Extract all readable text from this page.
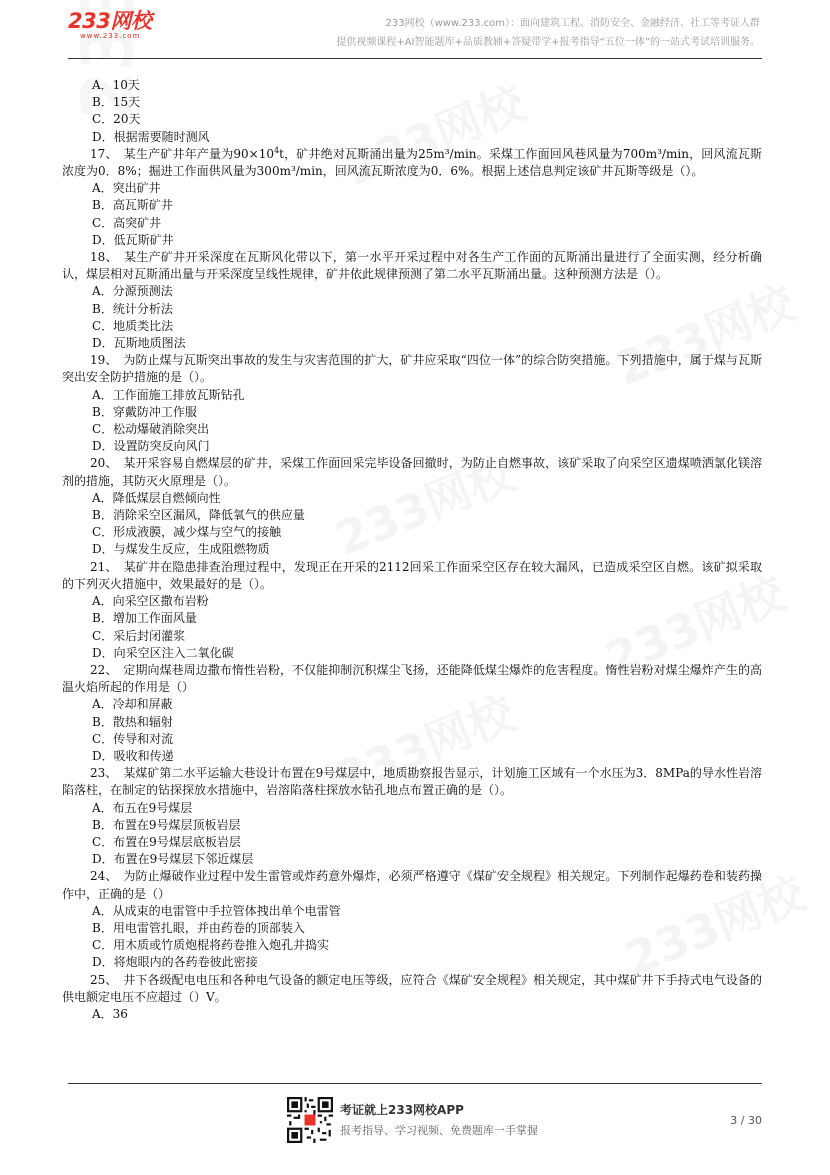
233网校
www.233.com
233网校（www.233.com）：面向建筑工程、消防安全、金融经济、社工等考证人群
提供视频课程+AI智能题库+品质教辅+答疑带学+报考指导“五位一体”的一站式考试培训服务。
A．10天
B．15天
C．20天
D．根据需要随时测风
17、　某生产矿井年产量为$90\times 10^4t$，矿井绝对瓦斯涌出量为25m³/min。采煤工作面回风巷风量为700m³/min，回风流瓦斯浓度为0．8%；掘进工作面供风量为300m³/min，回风流瓦斯浓度为0．6%。根据上述信息判定该矿井瓦斯等级是（）。
A．突出矿井
B．高瓦斯矿井
C．高突矿井
D．低瓦斯矿井
18、　某生产矿井开采深度在瓦斯风化带以下，第一水平开采过程中对各生产工作面的瓦斯涌出量进行了全面实测，经分析确认，煤层相对瓦斯涌出量与开采深度呈线性规律，矿井依此规律预测了第二水平瓦斯涌出量。这种预测方法是（）。
A．分源预测法
B．统计分析法
C．地质类比法
D．瓦斯地质图法
19、　为防止煤与瓦斯突出事故的发生与灾害范围的扩大，矿井应采取“四位一体”的综合防突措施。下列措施中，属于煤与瓦斯突出安全防护措施的是（）。
A．工作面施工排放瓦斯钻孔
B．穿戴防冲工作服
C．松动爆破消除突出
D．设置防突反向风门
20、　某开采容易自燃煤层的矿井，采煤工作面回采完毕设备回撤时，为防止自燃事故，该矿采取了向采空区遗煤喷洒氯化镁溶剂的措施，其防灭火原理是（）。
A．降低煤层自燃倾向性
B．消除采空区漏风，降低氧气的供应量
C．形成液膜，减少煤与空气的接触
D．与煤发生反应，生成阻燃物质
21、　某矿井在隐患排查治理过程中，发现正在开采的2112回采工作面采空区存在较大漏风，已造成采空区自燃。该矿拟采取的下列灭火措施中，效果最好的是（）。
A．向采空区撒布岩粉
B．增加工作面风量
C．采后封闭灌浆
D．向采空区注入二氧化碳
22、　定期向煤巷周边撒布惰性岩粉，不仅能抑制沉积煤尘飞扬，还能降低煤尘爆炸的危害程度。惰性岩粉对煤尘爆炸产生的高温火焰所起的作用是（）
A．冷却和屏蔽
B．散热和辐射
C．传导和对流
D．吸收和传递
23、　某煤矿第二水平运输大巷设计布置在9号煤层中，地质勘察报告显示，计划施工区域有一个水压为3．8MPa的导水性岩溶陷落柱，在制定的钻探探放水措施中，岩溶陷落柱探放水钻孔地点布置正确的是（）。
A．布五在9号煤层
B．布置在9号煤层顶板岩层
C．布置在9号煤层底板岩层
D．布置在9号煤层下邻近煤层
24、　为防止爆破作业过程中发生雷管或炸药意外爆炸，必须严格遵守《煤矿安全规程》相关规定。下列制作起爆药卷和装药操作中，正确的是（）
A．从成束的电雷管中手拉管体拽出单个电雷管
B．用电雷管扎眼，并由药卷的顶部装入
C．用木质或竹质炮棍将药卷推入炮孔并捣实
D．将炮眼内的各药卷彼此密接
25、　井下各级配电电压和各种电气设备的额定电压等级，应符合《煤矿安全规程》相关规定，其中煤矿井下手持式电气设备的供电额定电压不应超过（）V。
A．36
考证就上233网校APP
报考指导、学习视频、免费题库一手掌握
3 / 30
